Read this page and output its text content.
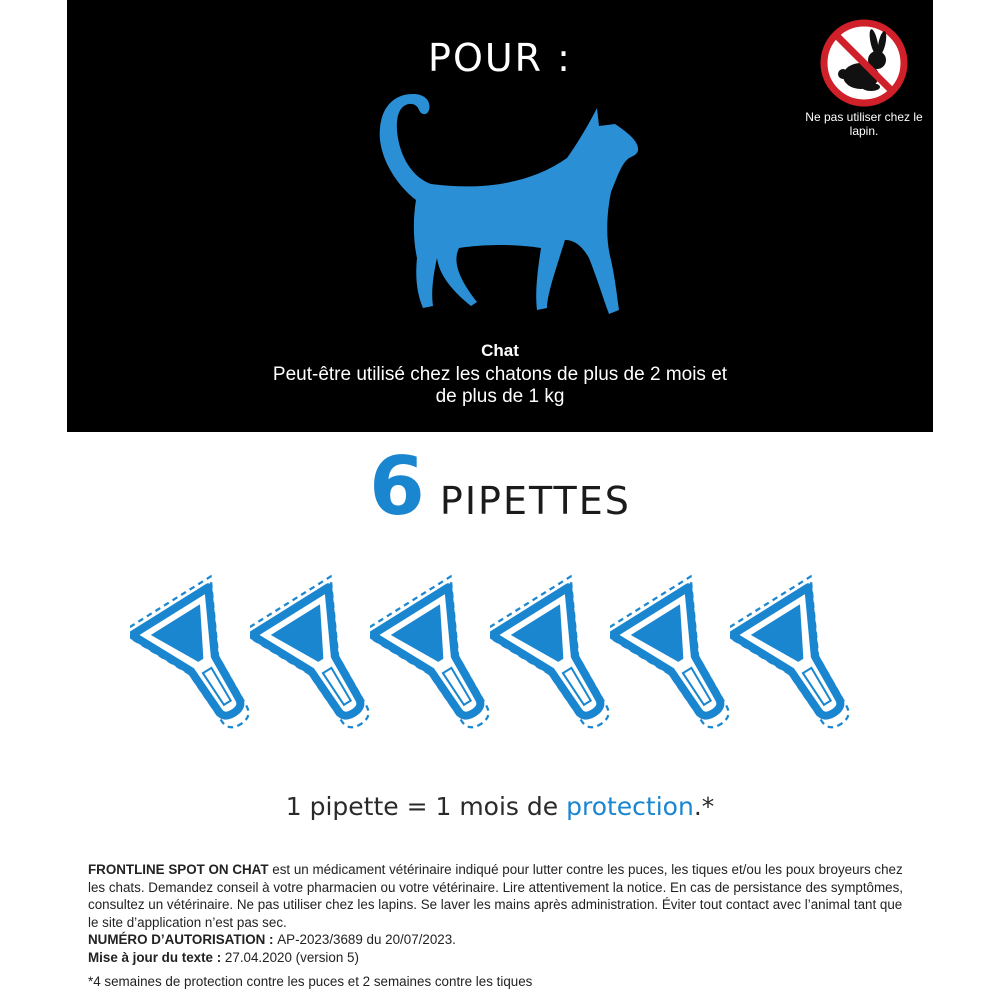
POUR :
Ne pas utiliser chez le lapin.
Chat
Peut-être utilisé chez les chatons de plus de 2 mois et de plus de 1 kg
6 PIPETTES
1 pipette = 1 mois de protection.*
FRONTLINE SPOT ON CHAT est un médicament vétérinaire indiqué pour lutter contre les puces, les tiques et/ou les poux broyeurs chez les chats. Demandez conseil à votre pharmacien ou votre vétérinaire. Lire attentivement la notice. En cas de persistance des symptômes, consultez un vétérinaire. Ne pas utiliser chez les lapins. Se laver les mains après administration. Éviter tout contact avec l’animal tant que le site d’application n’est pas sec.
NUMÉRO D’AUTORISATION : AP-2023/3689 du 20/07/2023.
Mise à jour du texte : 27.04.2020 (version 5)
*4 semaines de protection contre les puces et 2 semaines contre les tiques
